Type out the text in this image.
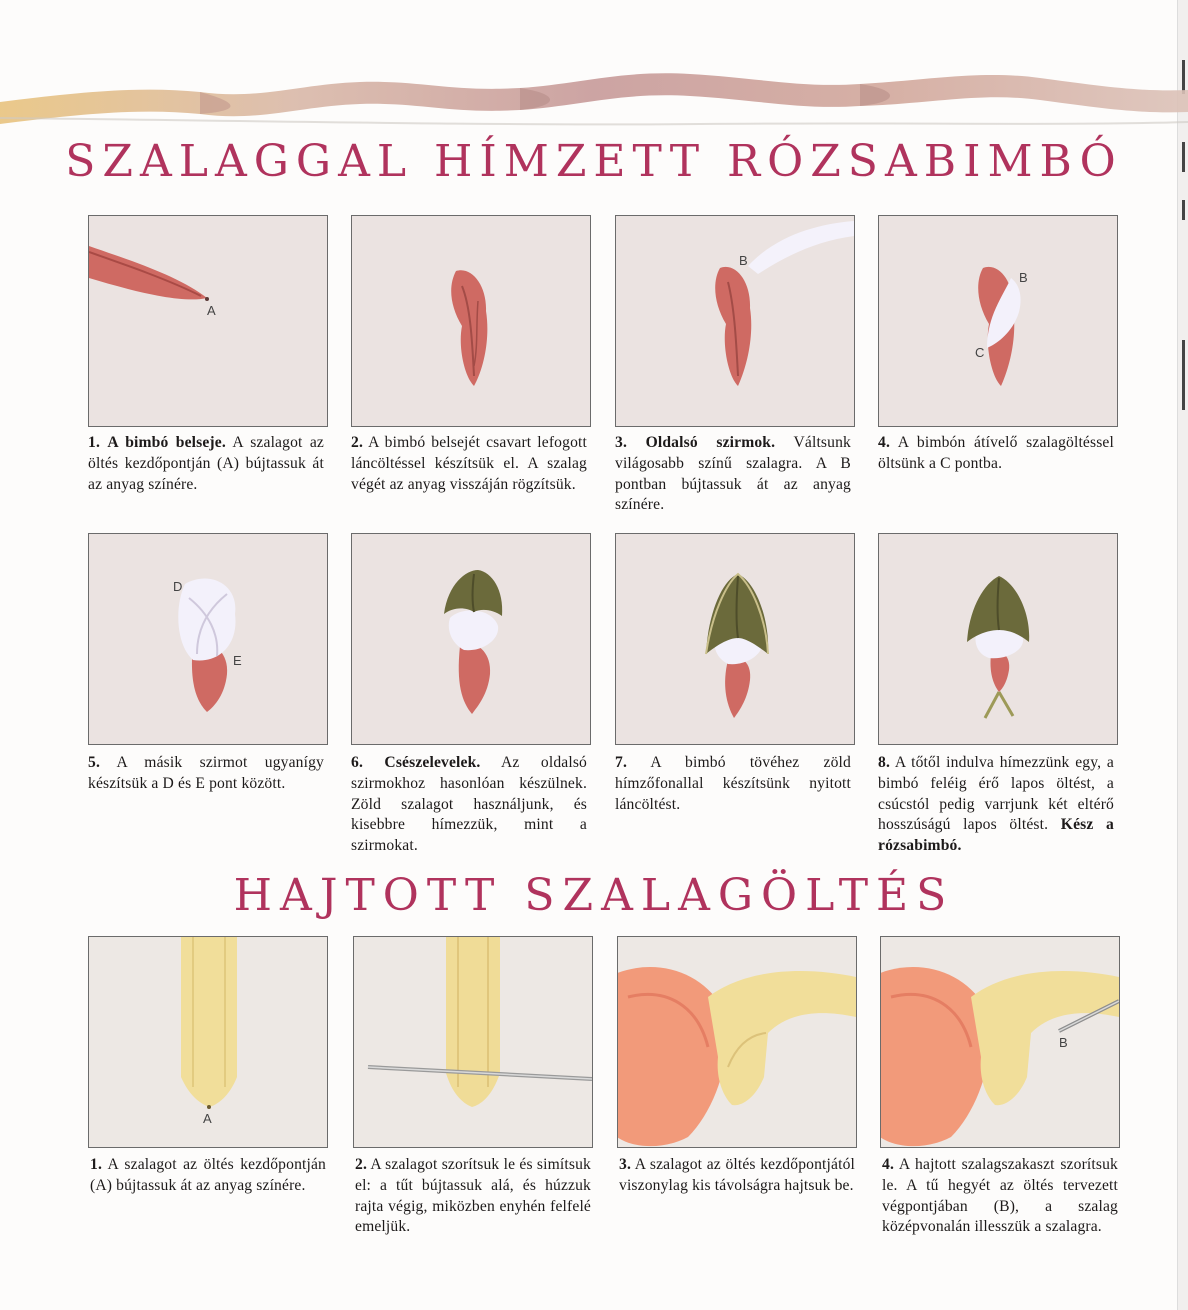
SZALAGGAL HÍMZETT RÓZSABIMBÓ
A
B
B
C

1. A bimbó belseje. A szalagot az öltés kezdőpontján (A) bújtassuk át az anyag színére.

2. A bimbó belsejét csavart lefogott láncöltéssel készítsük el. A szalag végét az anyag visszáján rögzítsük.

3. Oldalsó szirmok. Váltsunk világosabb színű szalagra. A B pontban bújtassuk át az anyag színére.

4. A bimbón átívelő szalagöltéssel öltsünk a C pontba.

D
E

5. A másik szirmot ugyanígy készítsük a D és E pont között.

6. Csészelevelek. Az oldalsó szirmokhoz hasonlóan készülnek. Zöld szalagot használjunk, és kisebbre hímezzük, mint a szirmokat.

7. A bimbó tövéhez zöld hímzőfonallal készítsünk nyitott láncöltést.

8. A tőtől indulva hímezzünk egy, a bimbó feléig érő lapos öltést, a csúcstól pedig varrjunk két eltérő hosszúságú lapos öltést. Kész a rózsabimbó.

HAJTOTT SZALAGÖLTÉS
A
B

1. A szalagot az öltés kezdőpontján (A) bújtassuk át az anyag színére.

2. A szalagot szorítsuk le és simítsuk el: a tűt bújtassuk alá, és húzzuk rajta végig, miközben enyhén felfelé emeljük.

3. A szalagot az öltés kezdőpontjától viszonylag kis távolságra hajtsuk be.

4. A hajtott szalagszakaszt szorítsuk le. A tű hegyét az öltés tervezett végpontjában (B), a szalag középvonalán illesszük a szalagra.
